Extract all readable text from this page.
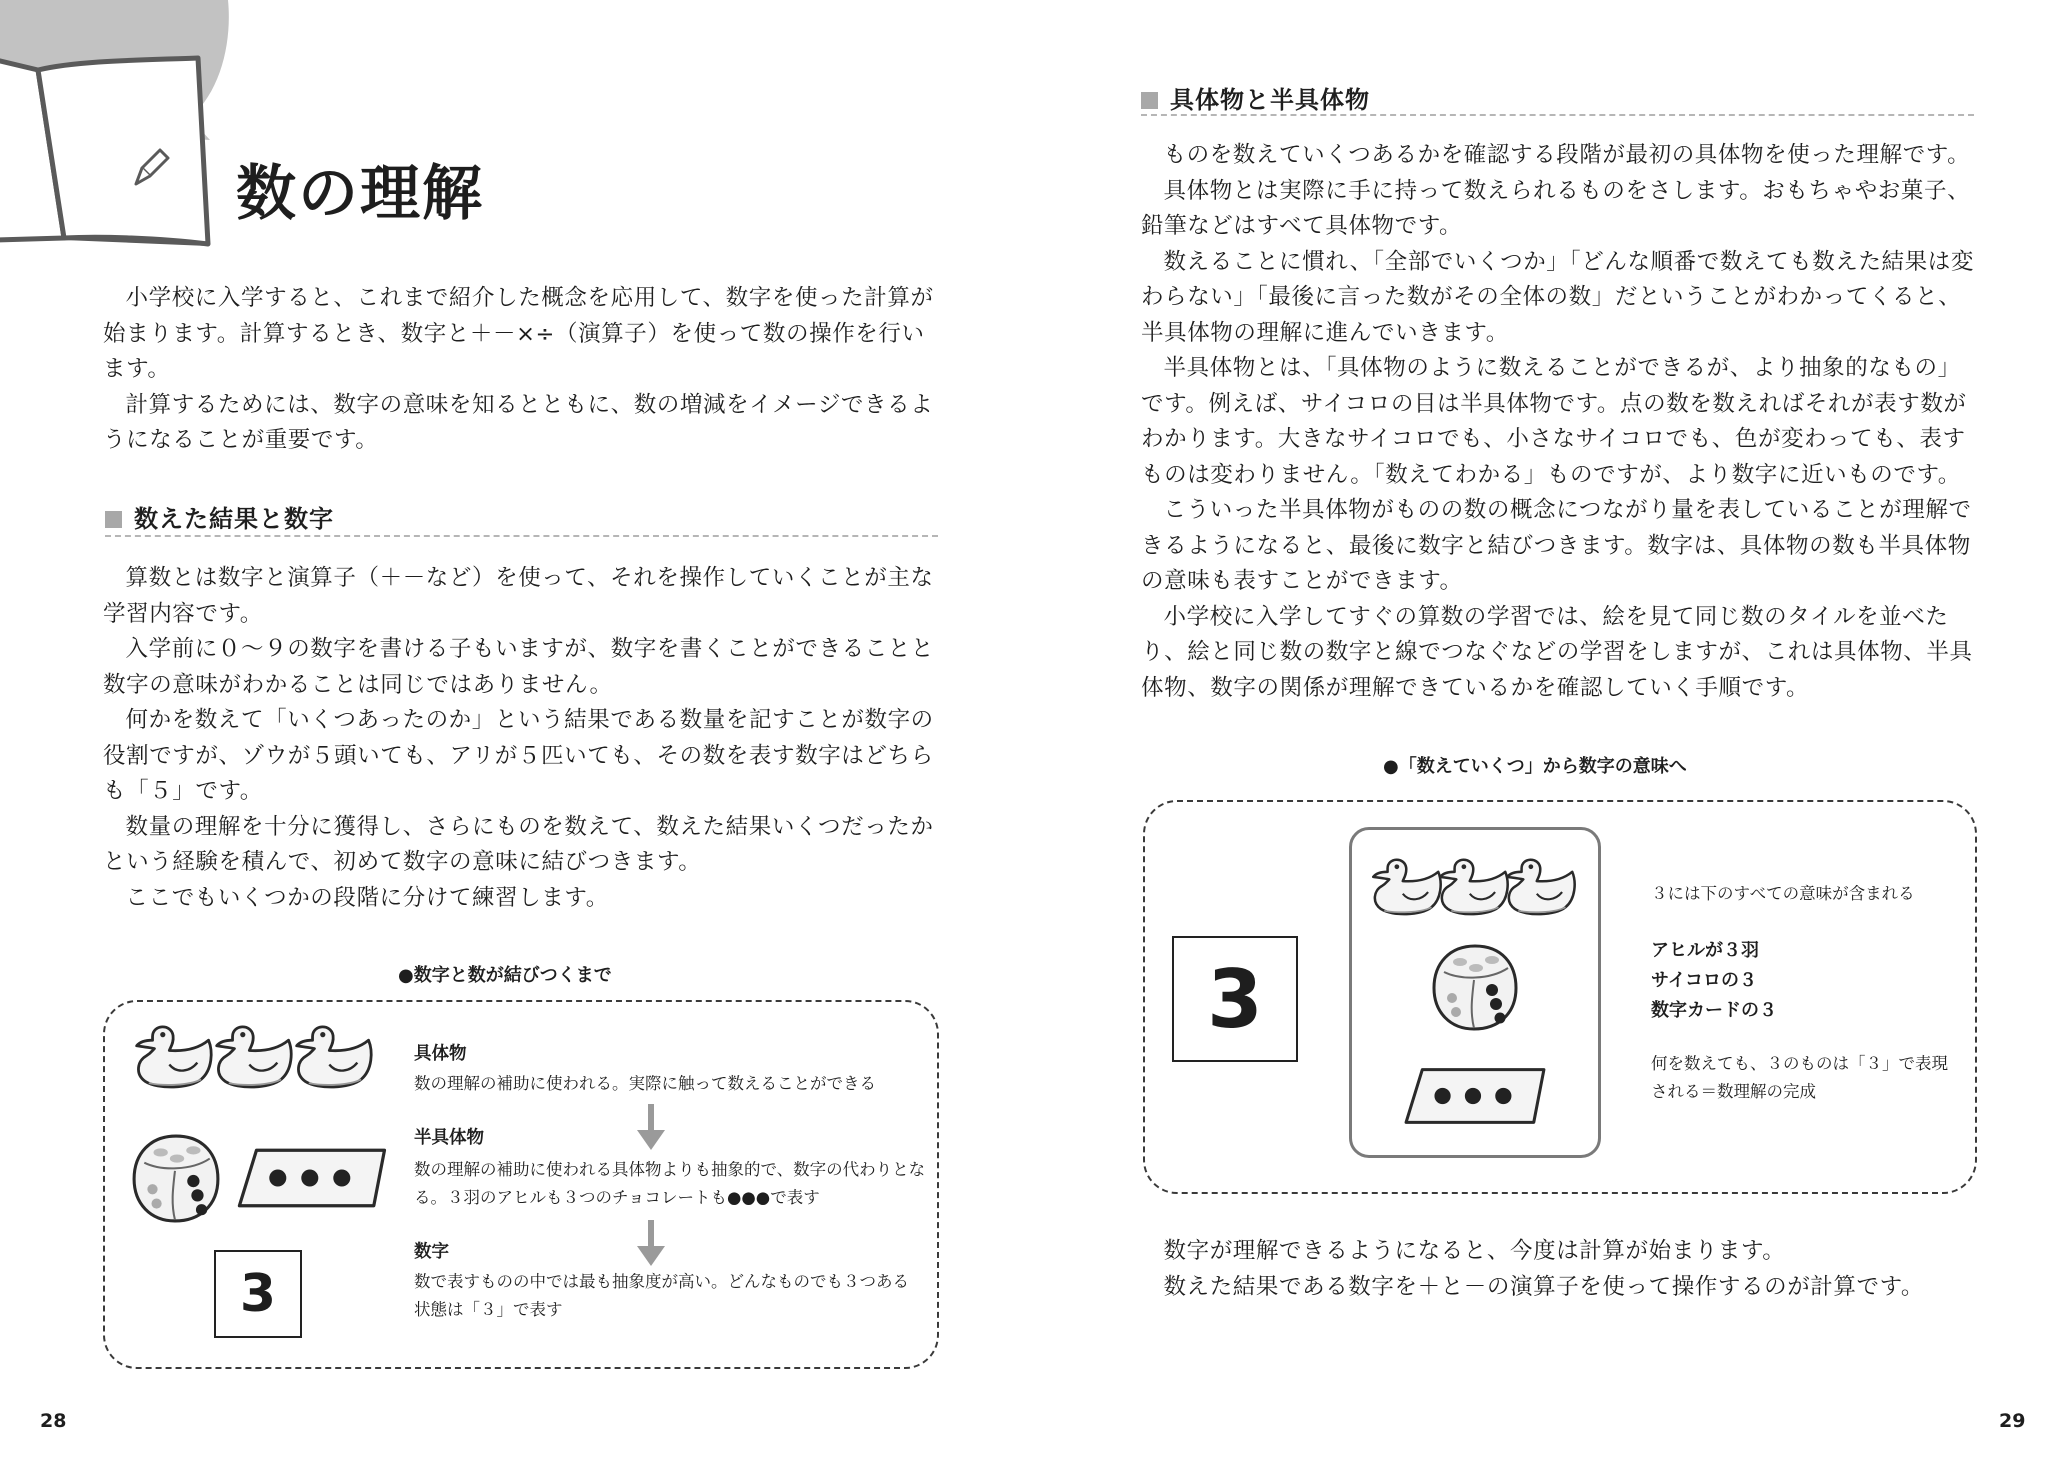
7
数の理解

小学校に入学すると、これまで紹介した概念を応用して、数字を使った計算が始まります。計算するとき、数字と＋－×÷（演算子）を使って数の操作を行います。

計算するためには、数字の意味を知るとともに、数の増減をイメージできるようになることが重要です。

数えた結果と数字

算数とは数字と演算子（＋－など）を使って、それを操作していくことが主な学習内容です。

入学前に０～９の数字を書ける子もいますが、数字を書くことができることと数字の意味がわかることは同じではありません。

何かを数えて「いくつあったのか」という結果である数量を記すことが数字の役割ですが、ゾウが５頭いても、アリが５匹いても、その数を表す数字はどちらも「５」です。

数量の理解を十分に獲得し、さらにものを数えて、数えた結果いくつだったかという経験を積んで、初めて数字の意味に結びつきます。

ここでもいくつかの段階に分けて練習します。

●数字と数が結びつくまで
3
具体物
数の理解の補助に使われる。実際に触って数えることができる
半具体物
数の理解の補助に使われる具体物よりも抽象的で、数字の代わりとなる。３羽のアヒルも３つのチョコレートも●●●で表す
数字
数で表すものの中では最も抽象度が高い。どんなものでも３つある状態は「３」で表す
28
具体物と半具体物

ものを数えていくつあるかを確認する段階が最初の具体物を使った理解です。

具体物とは実際に手に持って数えられるものをさします。おもちゃやお菓子、鉛筆などはすべて具体物です。

数えることに慣れ、「全部でいくつか」「どんな順番で数えても数えた結果は変わらない」「最後に言った数がその全体の数」だということがわかってくると、半具体物の理解に進んでいきます。

半具体物とは、「具体物のように数えることができるが、より抽象的なもの」です。例えば、サイコロの目は半具体物です。点の数を数えればそれが表す数がわかります。大きなサイコロでも、小さなサイコロでも、色が変わっても、表すものは変わりません。「数えてわかる」ものですが、より数字に近いものです。

こういった半具体物がものの数の概念につながり量を表していることが理解できるようになると、最後に数字と結びつきます。数字は、具体物の数も半具体物の意味も表すことができます。

小学校に入学してすぐの算数の学習では、絵を見て同じ数のタイルを並べたり、絵と同じ数の数字と線でつなぐなどの学習をしますが、これは具体物、半具体物、数字の関係が理解できているかを確認していく手順です。

●「数えていくつ」から数字の意味へ
3
３には下のすべての意味が含まれる
アヒルが３羽
サイコロの３
数字カードの３
何を数えても、３のものは「３」で表現される＝数理解の完成

数字が理解できるようになると、今度は計算が始まります。

数えた結果である数字を＋と－の演算子を使って操作するのが計算です。

29
